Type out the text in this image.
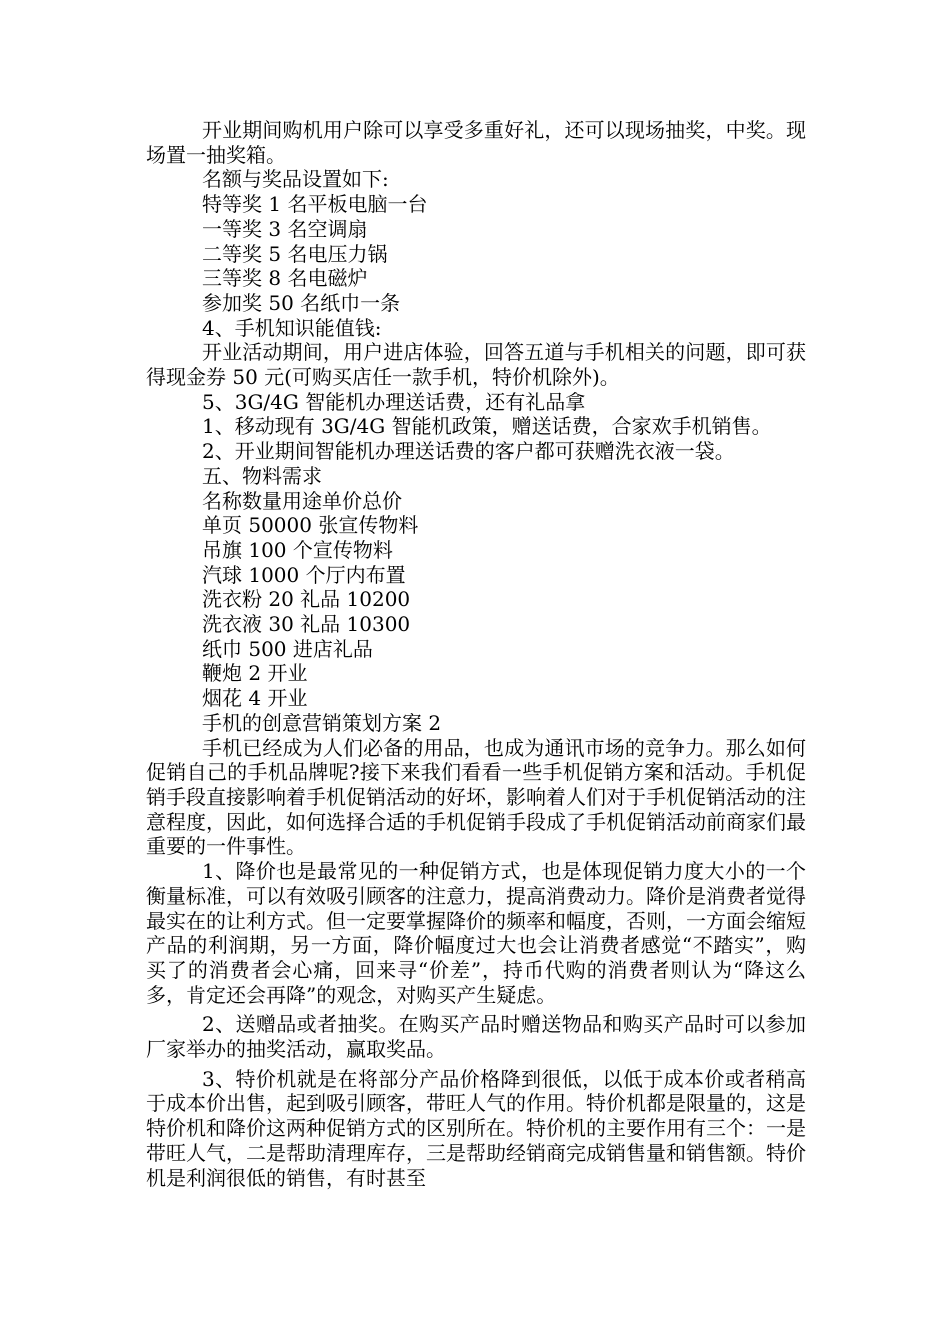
开业期间购机用户除可以享受多重好礼，还可以现场抽奖，中奖。现场置一抽奖箱。

名额与奖品设置如下:

特等奖 1 名平板电脑一台

一等奖 3 名空调扇

二等奖 5 名电压力锅

三等奖 8 名电磁炉

参加奖 50 名纸巾一条

4、手机知识能值钱:

开业活动期间，用户进店体验，回答五道与手机相关的问题，即可获得现金券 50 元(可购买店任一款手机，特价机除外)。

5、3G/4G 智能机办理送话费，还有礼品拿

1、移动现有 3G/4G 智能机政策，赠送话费，合家欢手机销售。

2、开业期间智能机办理送话费的客户都可获赠洗衣液一袋。

五、物料需求

名称数量用途单价总价

单页 50000 张宣传物料

吊旗 100 个宣传物料

汽球 1000 个厅内布置

洗衣粉 20 礼品 10200

洗衣液 30 礼品 10300

纸巾 500 进店礼品

鞭炮 2 开业

烟花 4 开业

手机的创意营销策划方案 2

手机已经成为人们必备的用品，也成为通讯市场的竞争力。那么如何促销自己的手机品牌呢?接下来我们看看一些手机促销方案和活动。手机促销手段直接影响着手机促销活动的好坏，影响着人们对于手机促销活动的注意程度，因此，如何选择合适的手机促销手段成了手机促销活动前商家们最重要的一件事性。

1、降价也是最常见的一种促销方式，也是体现促销力度大小的一个衡量标准，可以有效吸引顾客的注意力，提高消费动力。降价是消费者觉得最实在的让利方式。但一定要掌握降价的频率和幅度，否则，一方面会缩短产品的利润期，另一方面，降价幅度过大也会让消费者感觉“不踏实”，购买了的消费者会心痛，回来寻“价差”，持币代购的消费者则认为“降这么多，肯定还会再降”的观念，对购买产生疑虑。

2、送赠品或者抽奖。在购买产品时赠送物品和购买产品时可以参加厂家举办的抽奖活动，赢取奖品。

3、特价机就是在将部分产品价格降到很低，以低于成本价或者稍高于成本价出售，起到吸引顾客，带旺人气的作用。特价机都是限量的，这是特价机和降价这两种促销方式的区别所在。特价机的主要作用有三个：一是带旺人气，二是帮助清理库存，三是帮助经销商完成销售量和销售额。特价机是利润很低的销售，有时甚至
